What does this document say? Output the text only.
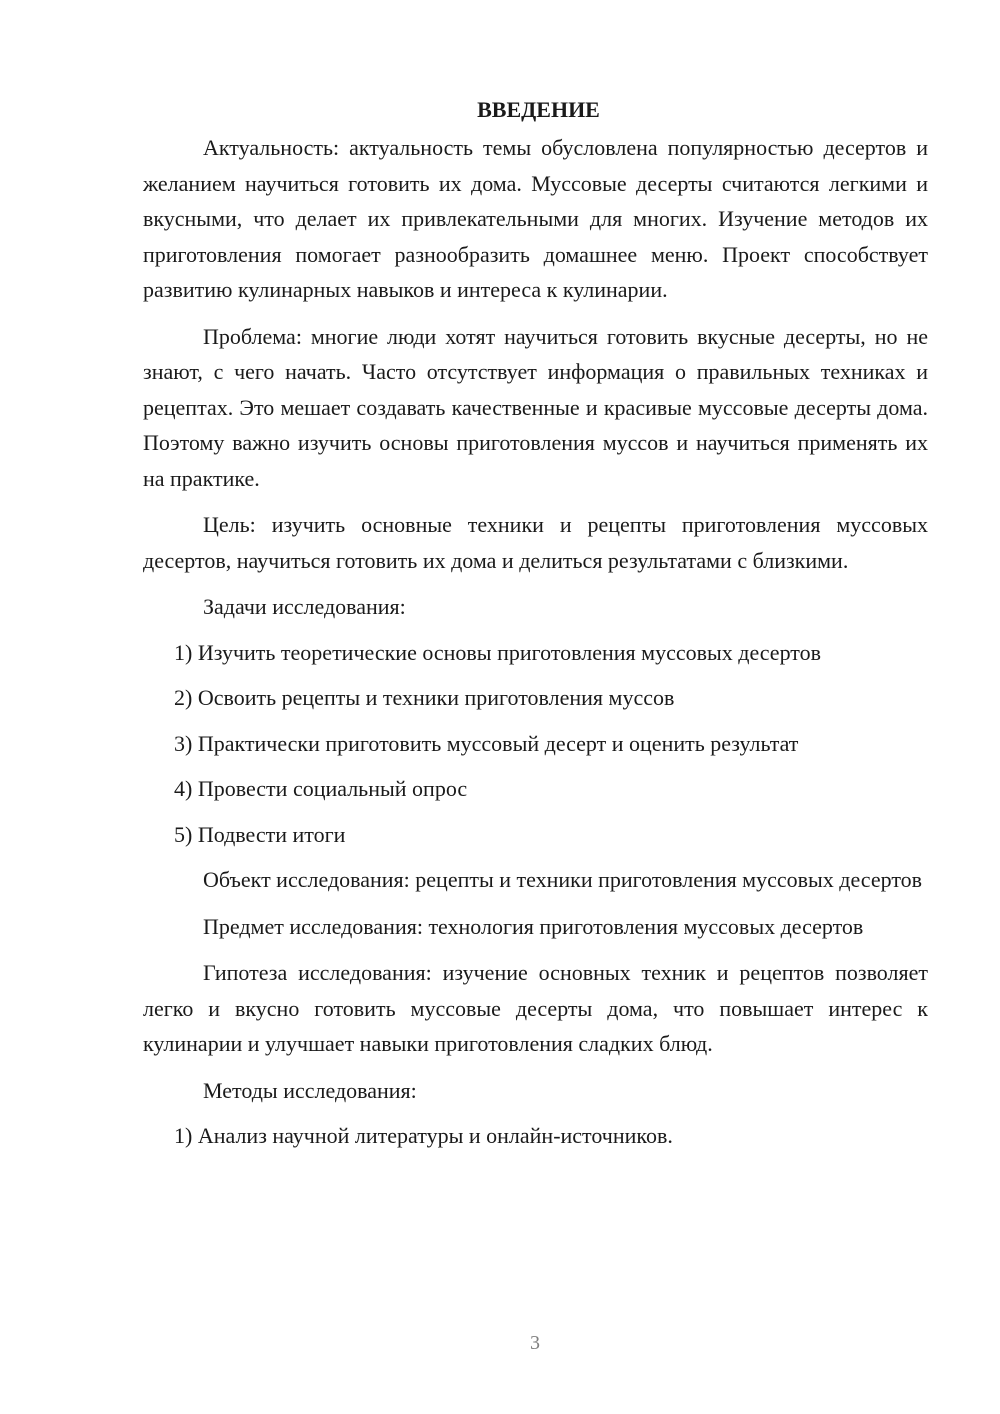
ВВЕДЕНИЕ

Актуальность: актуальность темы обусловлена популярностью десертов и желанием научиться готовить их дома. Муссовые десерты считаются легкими и вкусными, что делает их привлекательными для многих. Изучение методов их приготовления помогает разнообразить домашнее меню. Проект способствует развитию кулинарных навыков и интереса к кулинарии.

Проблема: многие люди хотят научиться готовить вкусные десерты, но не знают, с чего начать. Часто отсутствует информация о правильных техниках и рецептах. Это мешает создавать качественные и красивые муссовые десерты дома. Поэтому важно изучить основы приготовления муссов и научиться применять их на практике.

Цель: изучить основные техники и рецепты приготовления муссовых десертов, научиться готовить их дома и делиться результатами с близкими.

Задачи исследования:

1) Изучить теоретические основы приготовления муссовых десертов
2) Освоить рецепты и техники приготовления муссов
3) Практически приготовить муссовый десерт и оценить результат
4) Провести социальный опрос
5) Подвести итоги

Объект исследования: рецепты и техники приготовления муссовых десертов

Предмет исследования: технология приготовления муссовых десертов

Гипотеза исследования: изучение основных техник и рецептов позволяет легко и вкусно готовить муссовые десерты дома, что повышает интерес к кулинарии и улучшает навыки приготовления сладких блюд.

Методы исследования:

1) Анализ научной литературы и онлайн-источников.
3
